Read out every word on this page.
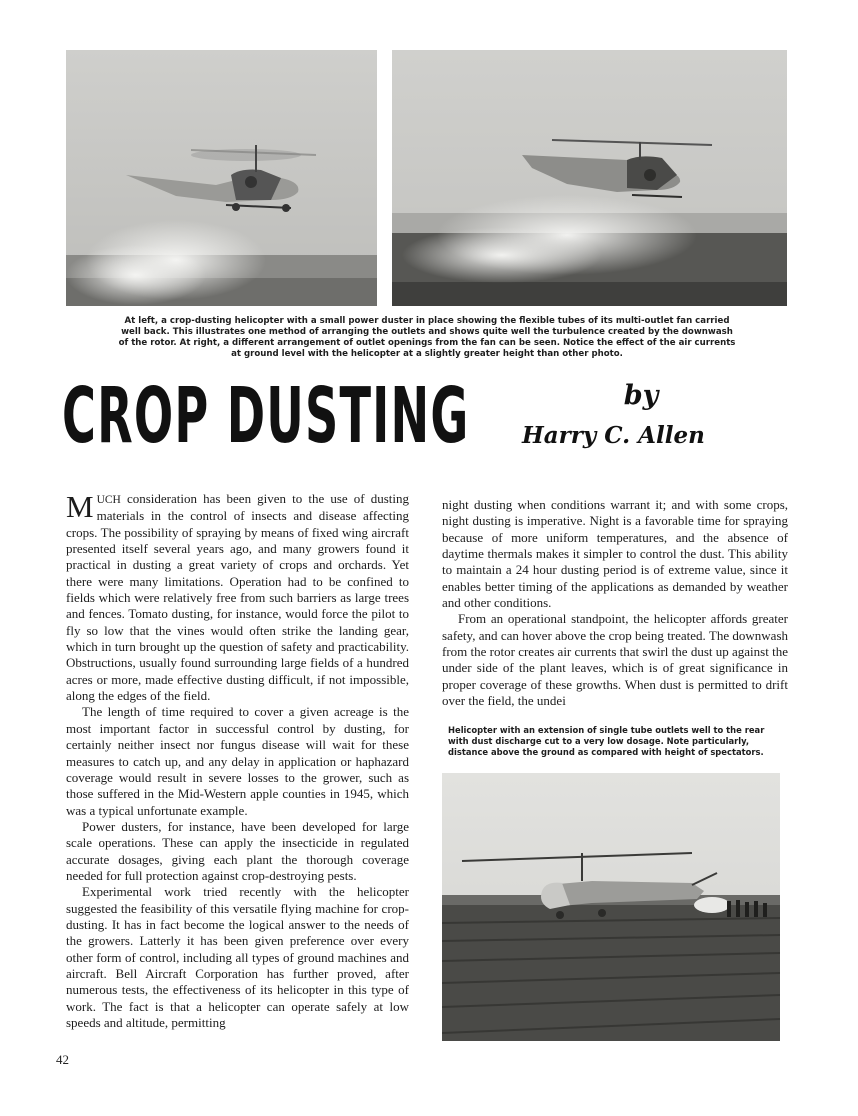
At left, a crop-dusting helicopter with a small power duster in place showing the flexible tubes of its multi-outlet fan carried well back. This illustrates one method of arranging the outlets and shows quite well the turbulence created by the downwash of the rotor. At right, a different arrangement of outlet openings from the fan can be seen. Notice the effect of the air currents at ground level with the helicopter at a slightly greater height than other photo.
CROP DUSTING	by
Harry C. Allen

MUCH consideration has been given to the use of dusting materials in the control of insects and disease affecting crops. The possibility of spraying by means of fixed wing aircraft presented itself several years ago, and many growers found it practical in dusting a great variety of crops and orchards. Yet there were many limitations. Operation had to be confined to fields which were relatively free from such barriers as large trees and fences. Tomato dusting, for instance, would force the pilot to fly so low that the vines would often strike the landing gear, which in turn brought up the question of safety and practicability. Obstructions, usually found surrounding large fields of a hundred acres or more, made effective dusting difficult, if not impossible, along the edges of the field.

The length of time required to cover a given acreage is the most important factor in successful control by dusting, for certainly neither insect nor fungus disease will wait for these measures to catch up, and any delay in application or haphazard coverage would result in severe losses to the grower, such as those suffered in the Mid-Western apple counties in 1945, which was a typical unfortunate example.

Power dusters, for instance, have been developed for large scale operations. These can apply the insecticide in regulated accurate dosages, giving each plant the thorough coverage needed for full protection against crop-destroying pests.

Experimental work tried recently with the helicopter suggested the feasibility of this versatile flying machine for crop-dusting. It has in fact become the logical answer to the needs of the growers. Latterly it has been given preference over every other form of control, including all types of ground machines and aircraft. Bell Aircraft Corporation has further proved, after numerous tests, the effectiveness of its helicopter in this type of work. The fact is that a helicopter can operate safely at low speeds and altitude, permitting

night dusting when conditions warrant it; and with some crops, night dusting is imperative. Night is a favorable time for spraying because of more uniform temperatures, and the absence of daytime thermals makes it simpler to control the dust. This ability to maintain a 24 hour dusting period is of extreme value, since it enables better timing of the applications as demanded by weather and other conditions.

From an operational standpoint, the helicopter affords greater safety, and can hover above the crop being treated. The downwash from the rotor creates air currents that swirl the dust up against the under side of the plant leaves, which is of great significance in proper coverage of these growths. When dust is permitted to drift over the field, the undei

Helicopter with an extension of single tube outlets well to the rear with dust discharge cut to a very low dosage. Note particularly, distance above the ground as compared with height of spectators.
42
